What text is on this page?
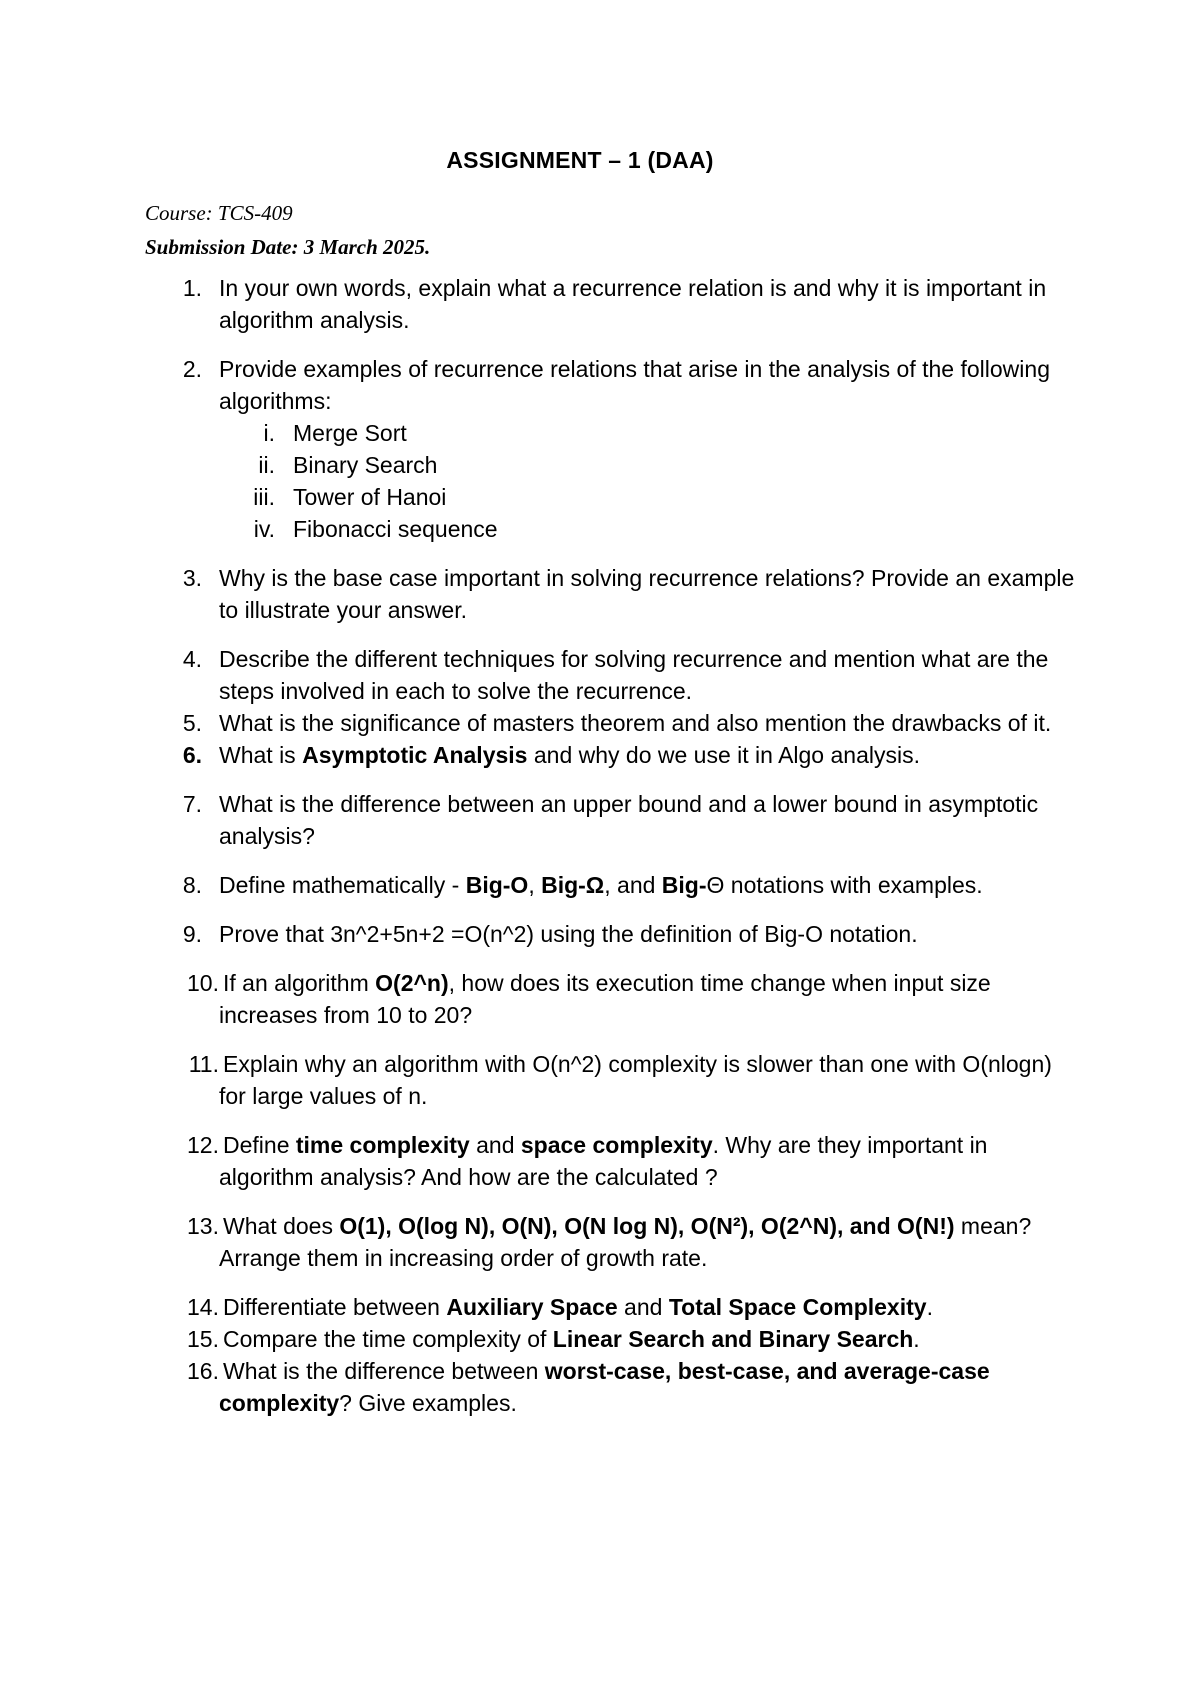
ASSIGNMENT – 1 (DAA)
Course: TCS-409
Submission Date: 3 March 2025.
1. In your own words, explain what a recurrence relation is and why it is important in algorithm analysis.
2. Provide examples of recurrence relations that arise in the analysis of the following algorithms:
i. Merge Sort
ii. Binary Search
iii. Tower of Hanoi
iv. Fibonacci sequence
3. Why is the base case important in solving recurrence relations? Provide an example to illustrate your answer.
4. Describe the different techniques for solving recurrence and mention what are the steps involved in each to solve the recurrence.
5. What is the significance of masters theorem and also mention the drawbacks of it.
6. What is Asymptotic Analysis and why do we use it in Algo analysis.
7. What is the difference between an upper bound and a lower bound in asymptotic analysis?
8. Define mathematically - Big-O, Big-Ω, and Big-Θ notations with examples.
9. Prove that 3n^2+5n+2 =O(n^2) using the definition of Big-O notation.
10. If an algorithm O(2^n), how does its execution time change when input size increases from 10 to 20?
11. Explain why an algorithm with O(n^2) complexity is slower than one with O(nlogn) for large values of n.
12. Define time complexity and space complexity. Why are they important in algorithm analysis? And how are the calculated ?
13. What does O(1), O(log N), O(N), O(N log N), O(N²), O(2^N), and O(N!) mean? Arrange them in increasing order of growth rate.
14. Differentiate between Auxiliary Space and Total Space Complexity.
15. Compare the time complexity of Linear Search and Binary Search.
16. What is the difference between worst-case, best-case, and average-case complexity? Give examples.
